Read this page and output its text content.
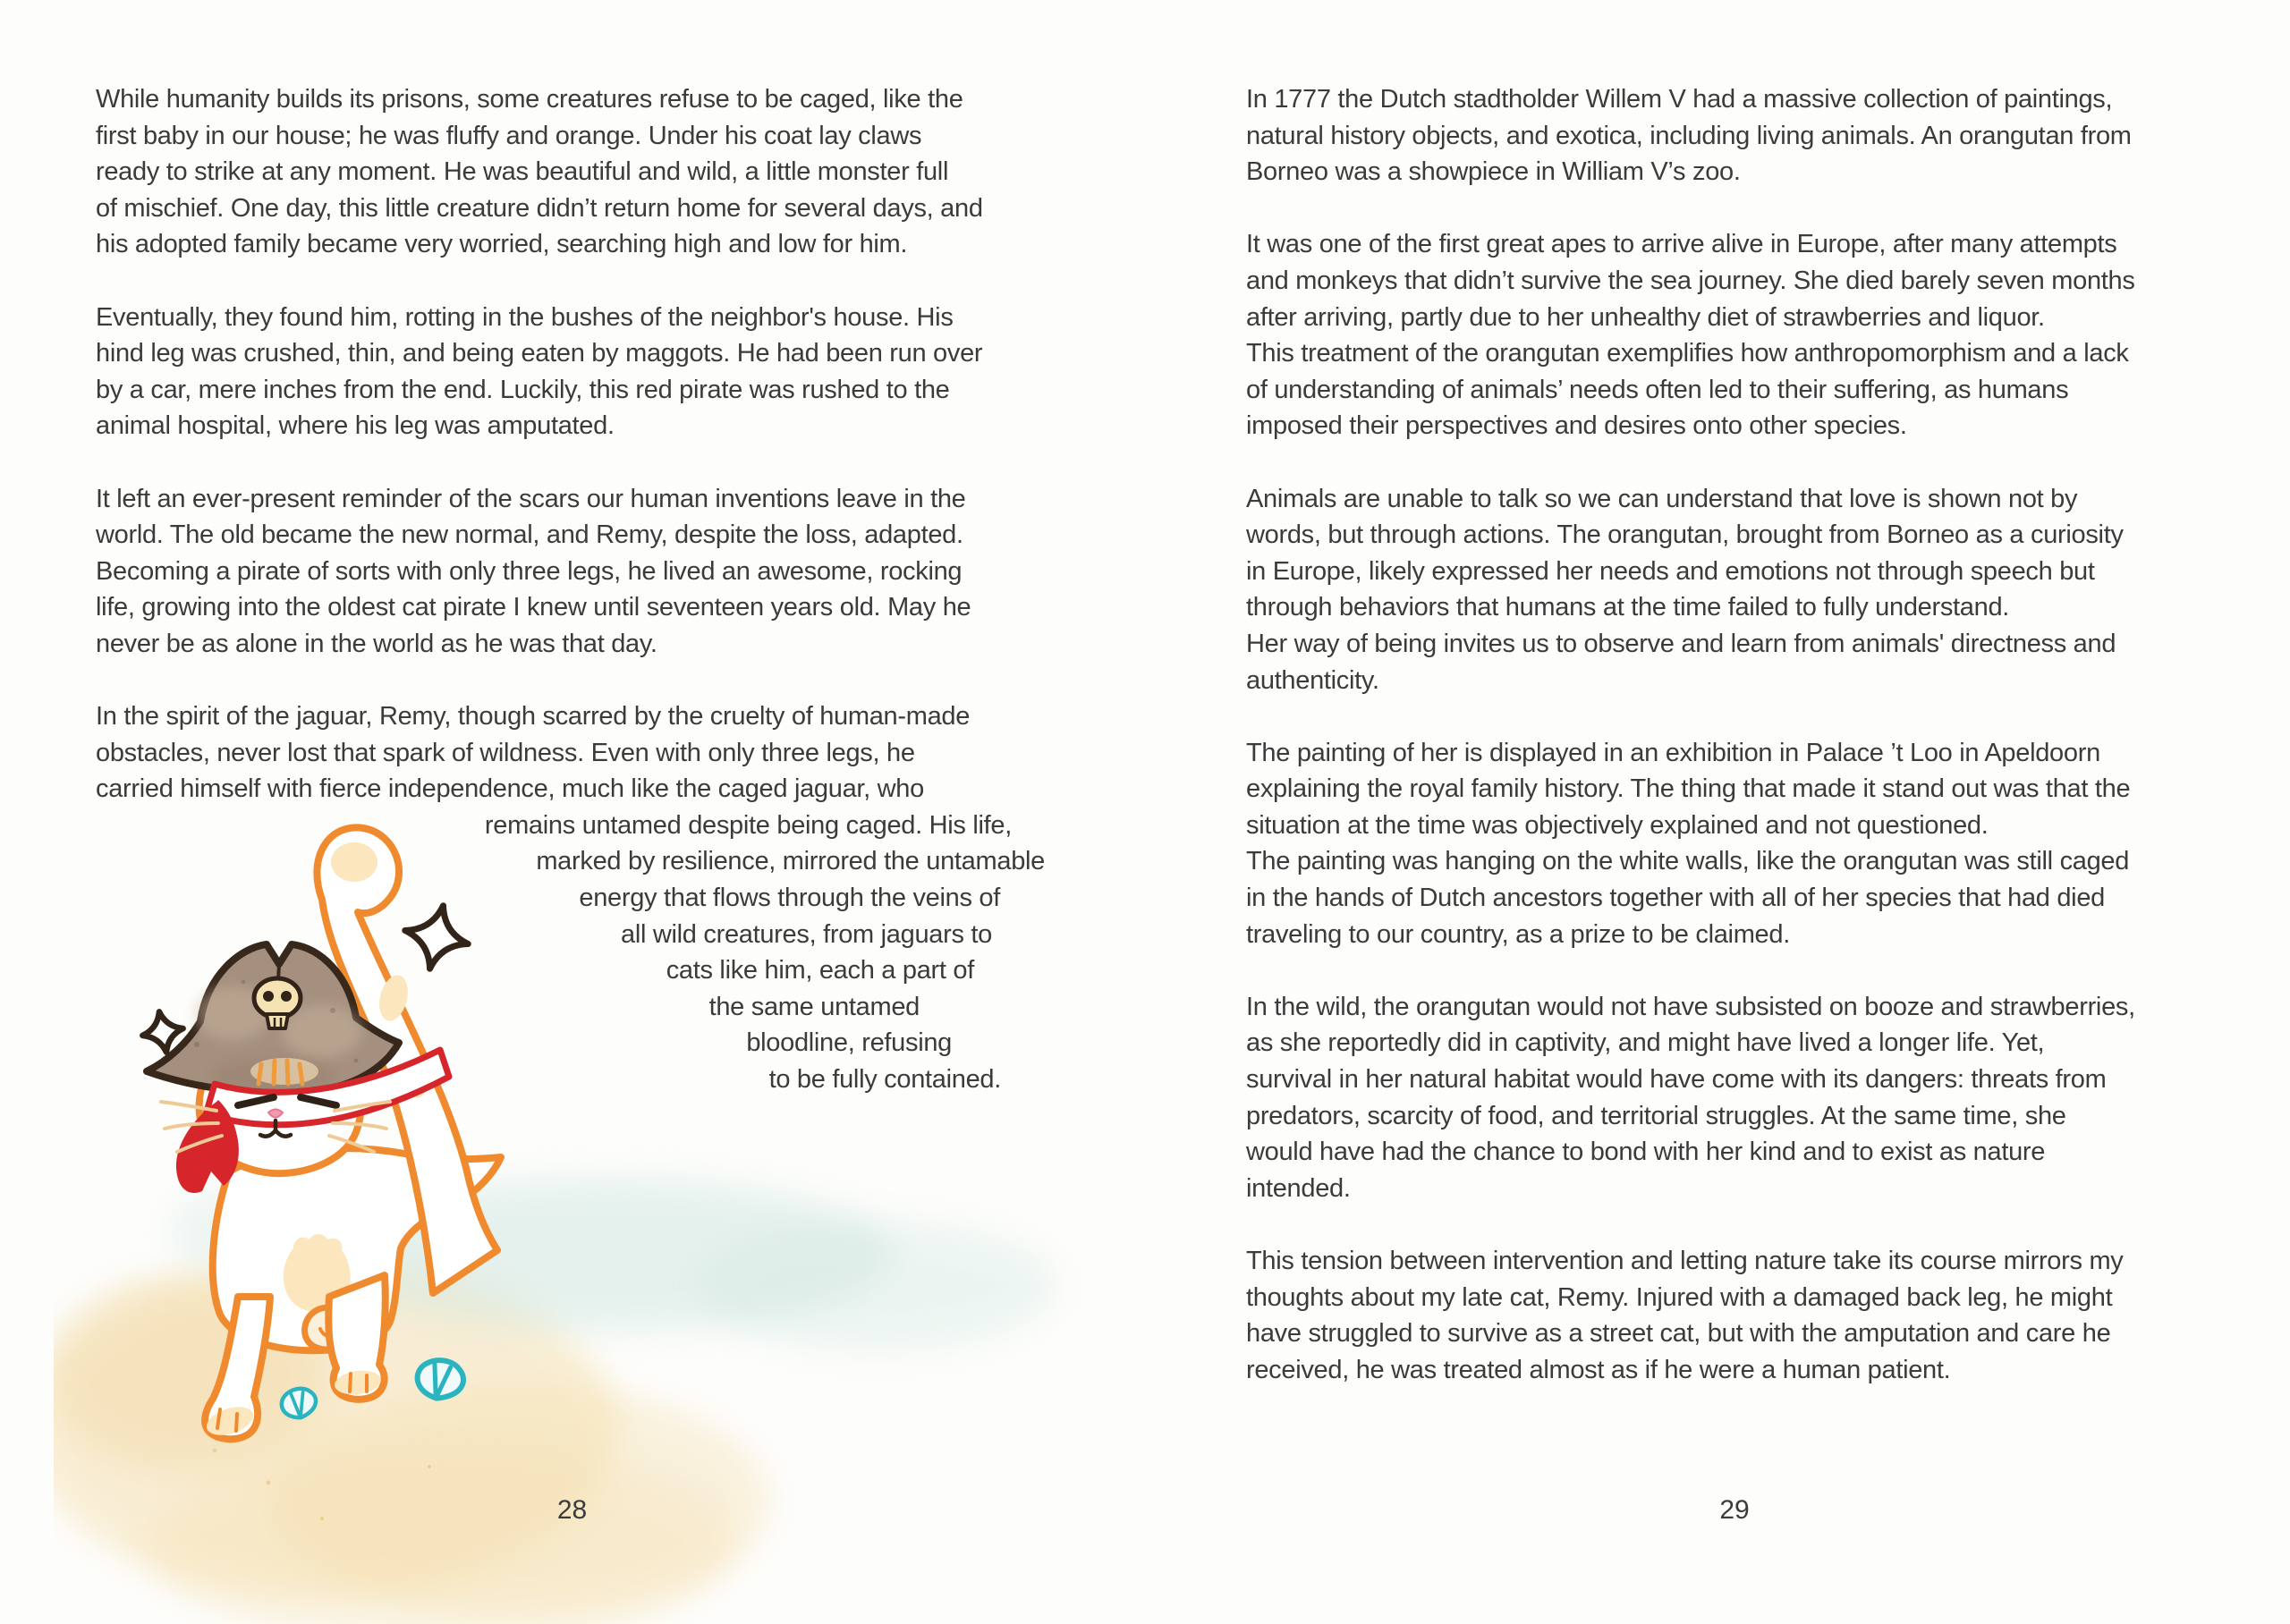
While humanity builds its prisons, some creatures refuse to be caged, like the
first baby in our house; he was fluffy and orange. Under his coat lay claws
ready to strike at any moment. He was beautiful and wild, a little monster full
of mischief. One day, this little creature didn’t return home for several days, and
his adopted family became very worried, searching high and low for him.
Eventually, they found him, rotting in the bushes of the neighbor's house. His
hind leg was crushed, thin, and being eaten by maggots. He had been run over
by a car, mere inches from the end. Luckily, this red pirate was rushed to the
animal hospital, where his leg was amputated.
It left an ever-present reminder of the scars our human inventions leave in the
world. The old became the new normal, and Remy, despite the loss, adapted.
Becoming a pirate of sorts with only three legs, he lived an awesome, rocking
life, growing into the oldest cat pirate I knew until seventeen years old. May he
never be as alone in the world as he was that day.
In the spirit of the jaguar, Remy, though scarred by the cruelty of human-made
obstacles, never lost that spark of wildness. Even with only three legs, he
carried himself with fierce independence, much like the caged jaguar, who
remains untamed despite being caged. His life,
marked by resilience, mirrored the untamable
energy that flows through the veins of
all wild creatures, from jaguars to
cats like him, each a part of
the same untamed
bloodline, refusing
to be fully contained.
In 1777 the Dutch stadtholder Willem V had a massive collection of paintings,
natural history objects, and exotica, including living animals. An orangutan from
Borneo was a showpiece in William V’s zoo.
It was one of the first great apes to arrive alive in Europe, after many attempts
and monkeys that didn’t survive the sea journey. She died barely seven months
after arriving, partly due to her unhealthy diet of strawberries and liquor.
This treatment of the orangutan exemplifies how anthropomorphism and a lack
of understanding of animals’ needs often led to their suffering, as humans
imposed their perspectives and desires onto other species.
Animals are unable to talk so we can understand that love is shown not by
words, but through actions. The orangutan, brought from Borneo as a curiosity
in Europe, likely expressed her needs and emotions not through speech but
through behaviors that humans at the time failed to fully understand.
Her way of being invites us to observe and learn from animals' directness and
authenticity.
The painting of her is displayed in an exhibition in Palace ’t Loo in Apeldoorn
explaining the royal family history. The thing that made it stand out was that the
situation at the time was objectively explained and not questioned.
The painting was hanging on the white walls, like the orangutan was still caged
in the hands of Dutch ancestors together with all of her species that had died
traveling to our country, as a prize to be claimed.
In the wild, the orangutan would not have subsisted on booze and strawberries,
as she reportedly did in captivity, and might have lived a longer life. Yet,
survival in her natural habitat would have come with its dangers: threats from
predators, scarcity of food, and territorial struggles. At the same time, she
would have had the chance to bond with her kind and to exist as nature
intended.
This tension between intervention and letting nature take its course mirrors my
thoughts about my late cat, Remy. Injured with a damaged back leg, he might
have struggled to survive as a street cat, but with the amputation and care he
received, he was treated almost as if he were a human patient.
28	29
